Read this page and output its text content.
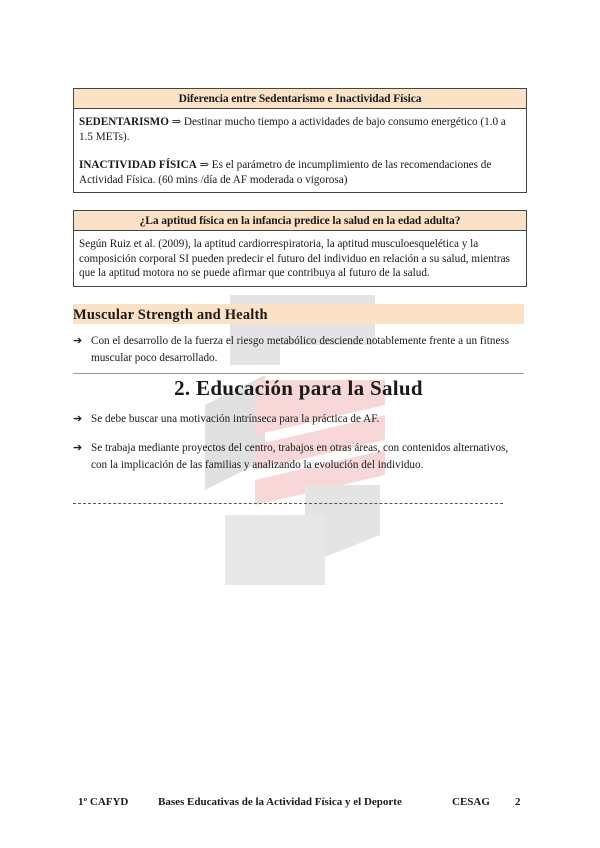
Diferencia entre Sedentarismo e Inactividad Física

SEDENTARISMO ⇒ Destinar mucho tiempo a actividades de bajo consumo energético (1.0 a 1.5 METs).

INACTIVIDAD FÍSICA ⇒ Es el parámetro de incumplimiento de las recomendaciones de Actividad Física. (60 mins /día de AF moderada o vigorosa)

¿La aptitud física en la infancia predice la salud en la edad adulta?

Según Ruiz et al. (2009), la aptitud cardiorrespiratoria, la aptitud musculoesquelética y la composición corporal SI pueden predecir el futuro del individuo en relación a su salud, mientras que la aptitud motora no se puede afirmar que contribuya al futuro de la salud.

Muscular Strength and Health
➔ Con el desarrollo de la fuerza el riesgo metabólico desciende notablemente frente a un fitness muscular poco desarrollado.
2. Educación para la Salud
➔ Se debe buscar una motivación intrínseca para la práctica de AF.
➔ Se trabaja mediante proyectos del centro, trabajos en otras áreas, con contenidos alternativos, con la implicación de las familias y analizando la evolución del individuo.
1º CAFYD	Bases Educativas de la Actividad Física y el Deporte	CESAG 2
